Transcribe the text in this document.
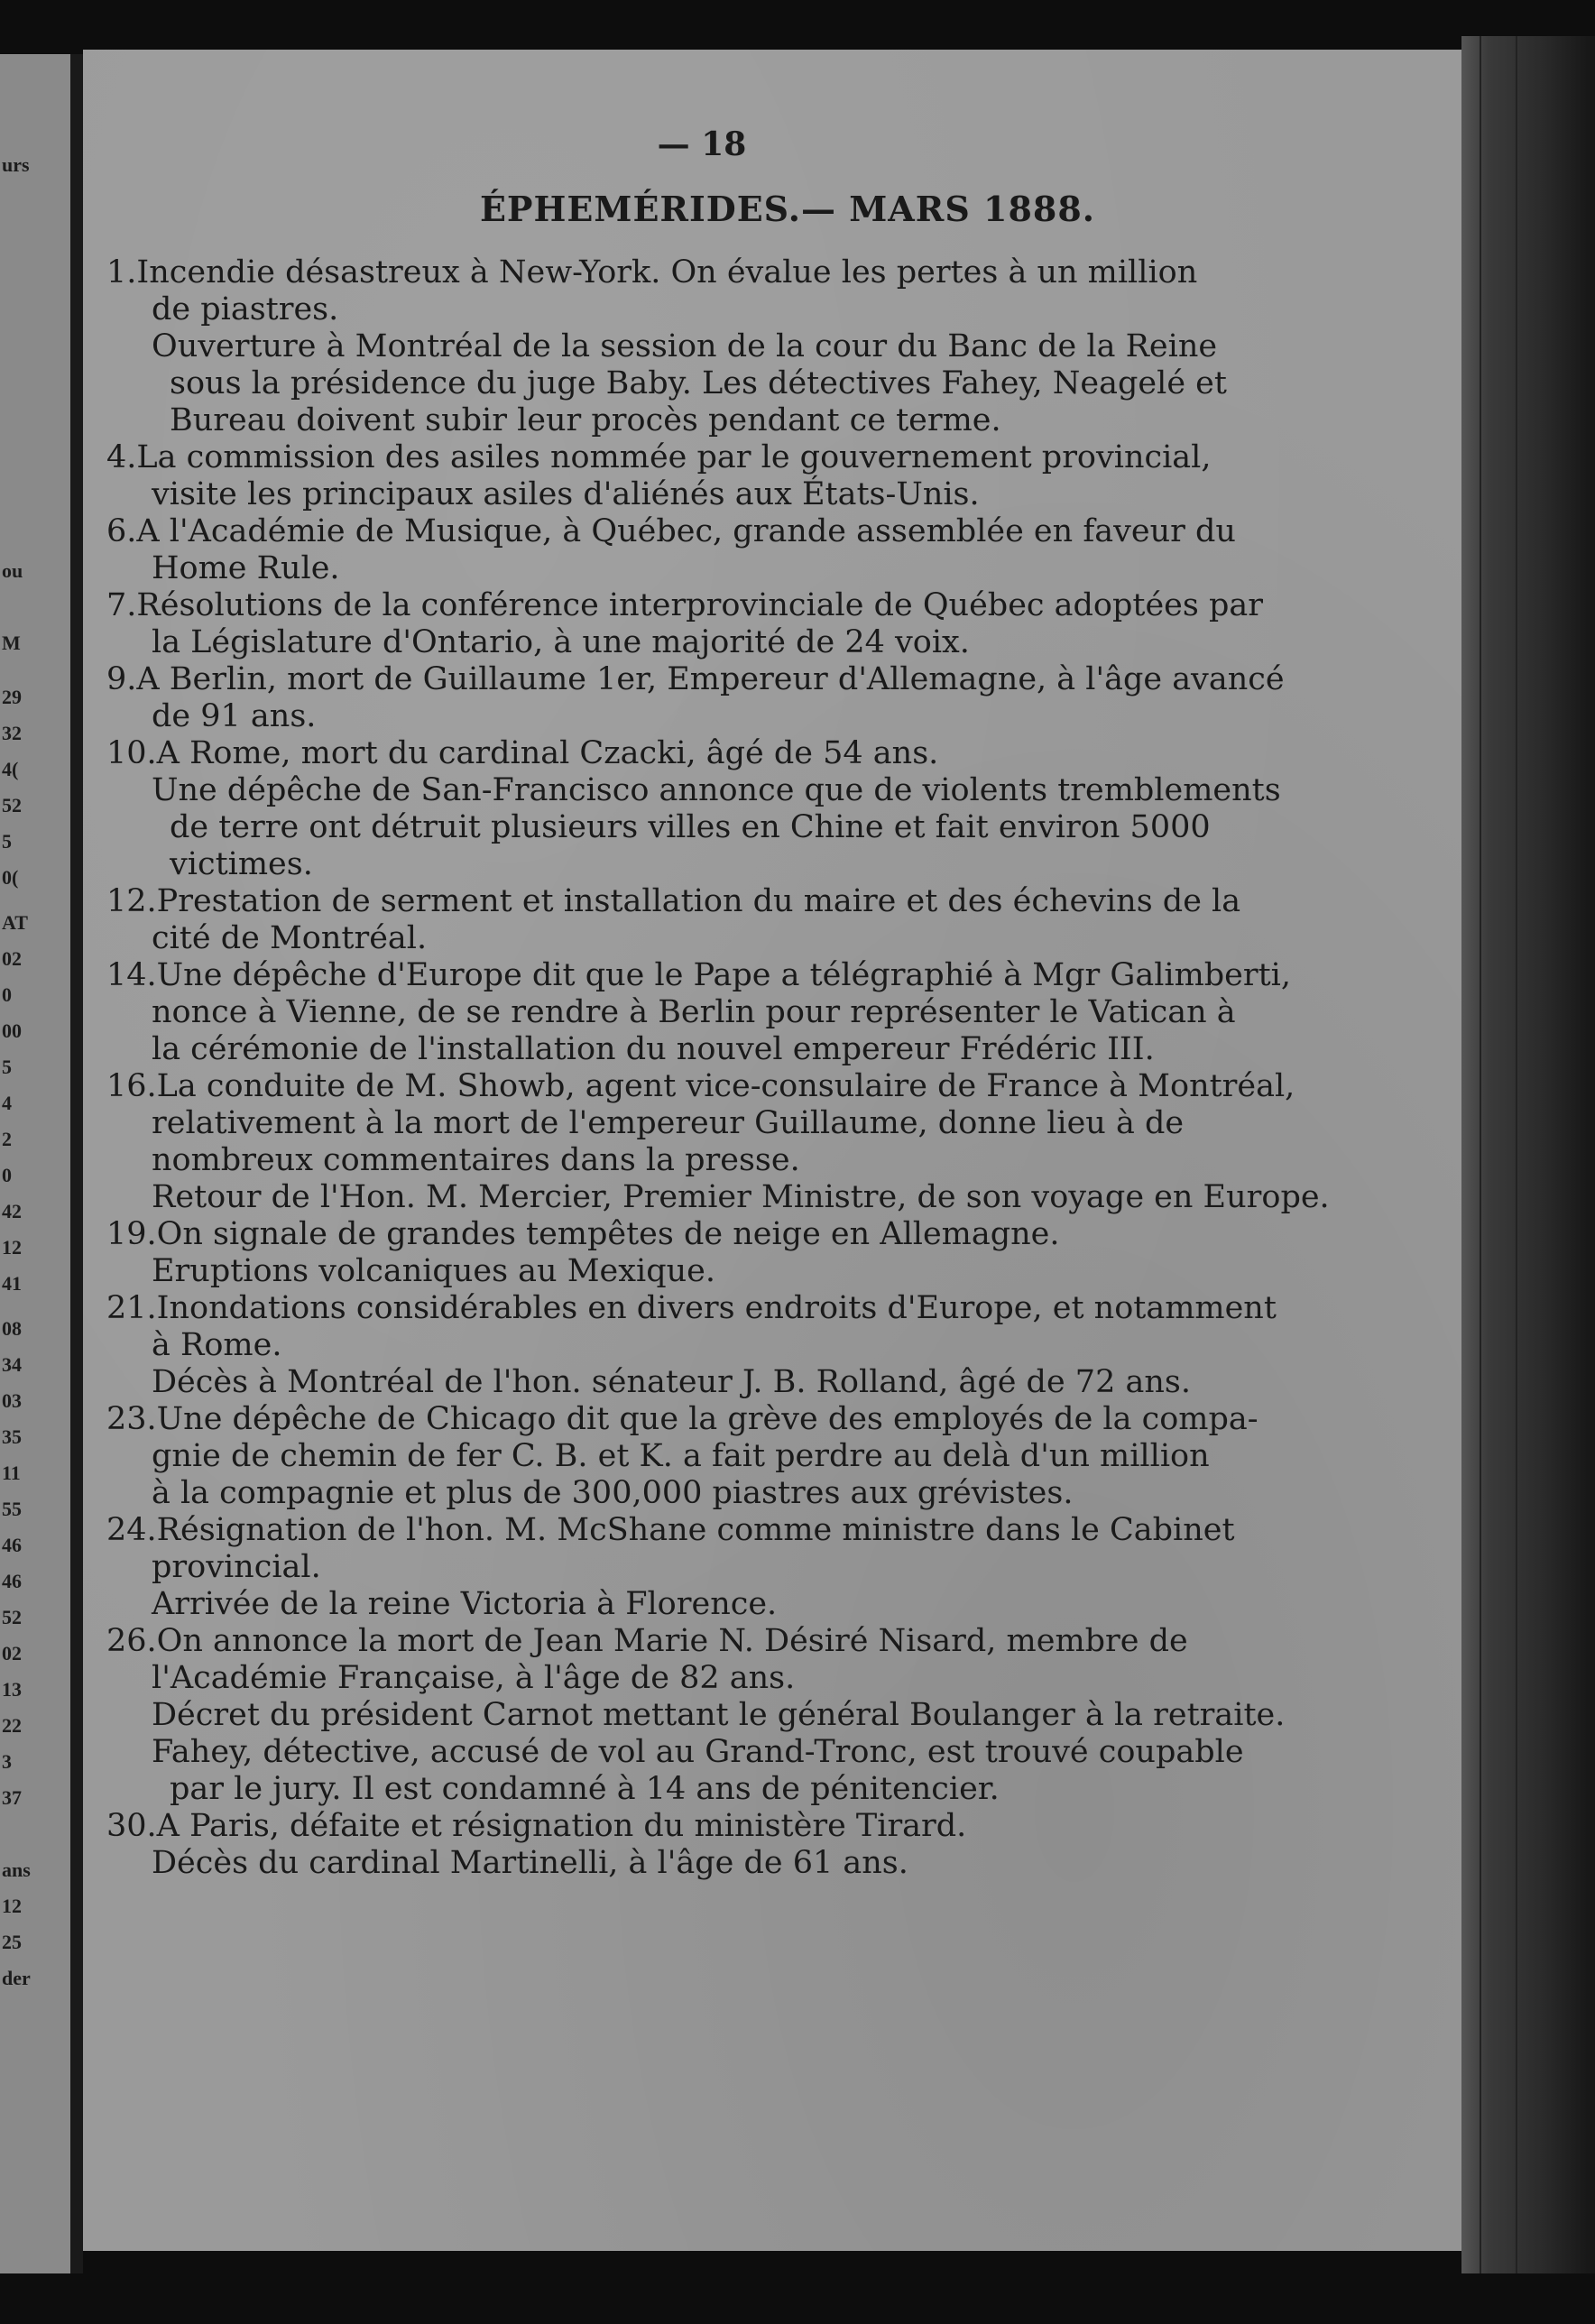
urs
ou
M
29
32
4(
52
5
0(
AT
02
0
00
5
4
2
0
42
12
41
08
34
03
35
11
55
46
46
52
02
13
22
3
37
ans
12
25
der
— 18
ÉPHEMÉRIDES.— MARS 1888.
1.Incendie désastreux à New-York. On évalue les pertes à un million
de piastres.
Ouverture à Montréal de la session de la cour du Banc de la Reine
sous la présidence du juge Baby. Les détectives Fahey, Neagelé et
Bureau doivent subir leur procès pendant ce terme.
4.La commission des asiles nommée par le gouvernement provincial,
visite les principaux asiles d'aliénés aux États-Unis.
6.A l'Académie de Musique, à Québec, grande assemblée en faveur du
Home Rule.
7.Résolutions de la conférence interprovinciale de Québec adoptées par
la Législature d'Ontario, à une majorité de 24 voix.
9.A Berlin, mort de Guillaume 1er, Empereur d'Allemagne, à l'âge avancé
de 91 ans.
10.A Rome, mort du cardinal Czacki, âgé de 54 ans.
Une dépêche de San-Francisco annonce que de violents tremblements
de terre ont détruit plusieurs villes en Chine et fait environ 5000
victimes.
12.Prestation de serment et installation du maire et des échevins de la
cité de Montréal.
14.Une dépêche d'Europe dit que le Pape a télégraphié à Mgr Galimberti,
nonce à Vienne, de se rendre à Berlin pour représenter le Vatican à
la cérémonie de l'installation du nouvel empereur Frédéric III.
16.La conduite de M. Showb, agent vice-consulaire de France à Montréal,
relativement à la mort de l'empereur Guillaume, donne lieu à de
nombreux commentaires dans la presse.
Retour de l'Hon. M. Mercier, Premier Ministre, de son voyage en Europe.
19.On signale de grandes tempêtes de neige en Allemagne.
Eruptions volcaniques au Mexique.
21.Inondations considérables en divers endroits d'Europe, et notamment
à Rome.
Décès à Montréal de l'hon. sénateur J. B. Rolland, âgé de 72 ans.
23.Une dépêche de Chicago dit que la grève des employés de la compa-
gnie de chemin de fer C. B. et K. a fait perdre au delà d'un million
à la compagnie et plus de 300,000 piastres aux grévistes.
24.Résignation de l'hon. M. McShane comme ministre dans le Cabinet
provincial.
Arrivée de la reine Victoria à Florence.
26.On annonce la mort de Jean Marie N. Désiré Nisard, membre de
l'Académie Française, à l'âge de 82 ans.
Décret du président Carnot mettant le général Boulanger à la retraite.
Fahey, détective, accusé de vol au Grand-Tronc, est trouvé coupable
par le jury. Il est condamné à 14 ans de pénitencier.
30.A Paris, défaite et résignation du ministère Tirard.
Décès du cardinal Martinelli, à l'âge de 61 ans.
